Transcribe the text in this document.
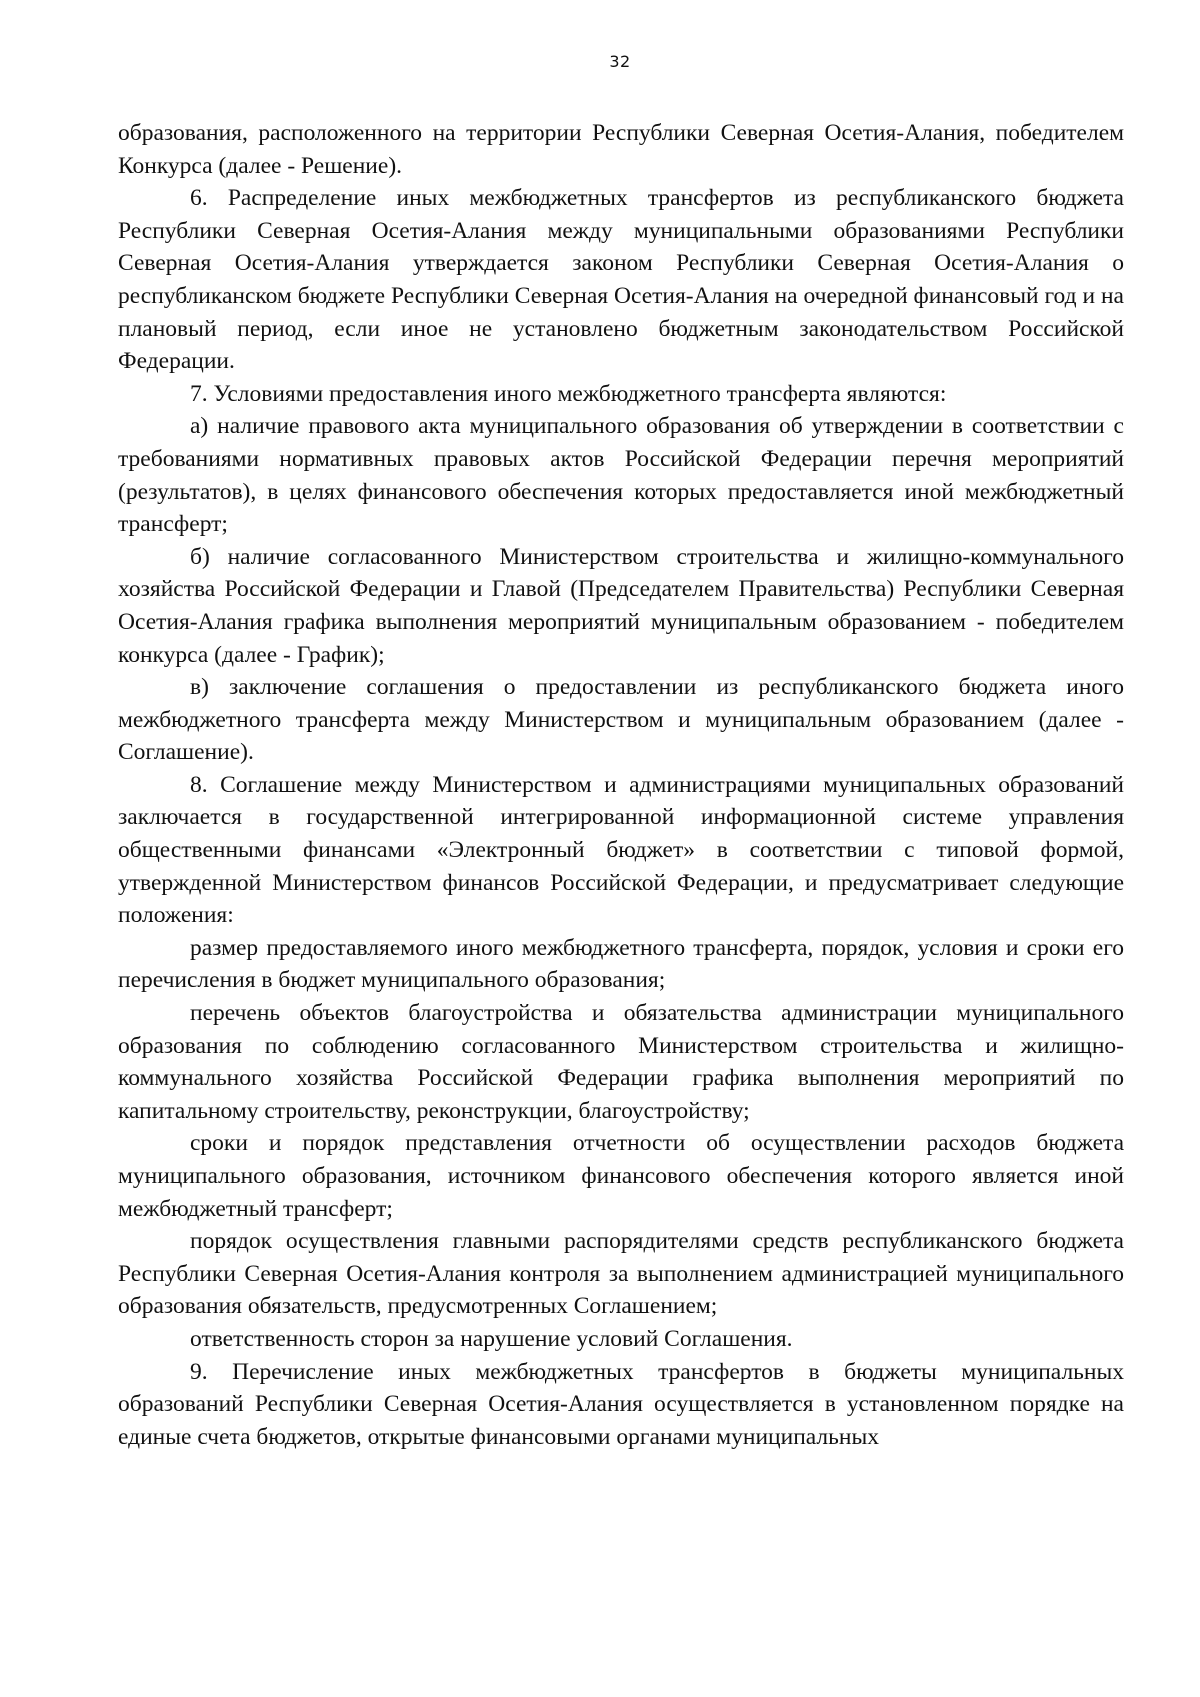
32

образования, расположенного на территории Республики Северная Осетия-Алания, победителем Конкурса (далее - Решение).

6. Распределение иных межбюджетных трансфертов из республиканского бюджета Республики Северная Осетия-Алания между муниципальными образованиями Республики Северная Осетия-Алания утверждается законом Республики Северная Осетия-Алания о республиканском бюджете Республики Северная Осетия-Алания на очередной финансовый год и на плановый период, если иное не установлено бюджетным законодательством Российской Федерации.

7. Условиями предоставления иного межбюджетного трансферта являются:

а) наличие правового акта муниципального образования об утверждении в соответствии с требованиями нормативных правовых актов Российской Федерации перечня мероприятий (результатов), в целях финансового обеспечения которых предоставляется иной межбюджетный трансферт;

б) наличие согласованного Министерством строительства и жилищно-коммунального хозяйства Российской Федерации и Главой (Председателем Правительства) Республики Северная Осетия-Алания графика выполнения мероприятий муниципальным образованием - победителем конкурса (далее - График);

в) заключение соглашения о предоставлении из республиканского бюджета иного межбюджетного трансферта между Министерством и муниципальным образованием (далее - Соглашение).

8. Соглашение между Министерством и администрациями муниципальных образований заключается в государственной интегрированной информационной системе управления общественными финансами «Электронный бюджет» в соответствии с типовой формой, утвержденной Министерством финансов Российской Федерации, и предусматривает следующие положения:

размер предоставляемого иного межбюджетного трансферта, порядок, условия и сроки его перечисления в бюджет муниципального образования;

перечень объектов благоустройства и обязательства администрации муниципального образования по соблюдению согласованного Министерством строительства и жилищно-коммунального хозяйства Российской Федерации графика выполнения мероприятий по капитальному строительству, реконструкции, благоустройству;

сроки и порядок представления отчетности об осуществлении расходов бюджета муниципального образования, источником финансового обеспечения которого является иной межбюджетный трансферт;

порядок осуществления главными распорядителями средств республиканского бюджета Республики Северная Осетия-Алания контроля за выполнением администрацией муниципального образования обязательств, предусмотренных Соглашением;

ответственность сторон за нарушение условий Соглашения.

9. Перечисление иных межбюджетных трансфертов в бюджеты муниципальных образований Республики Северная Осетия-Алания осуществляется в установленном порядке на единые счета бюджетов, открытые финансовыми органами муниципальных
